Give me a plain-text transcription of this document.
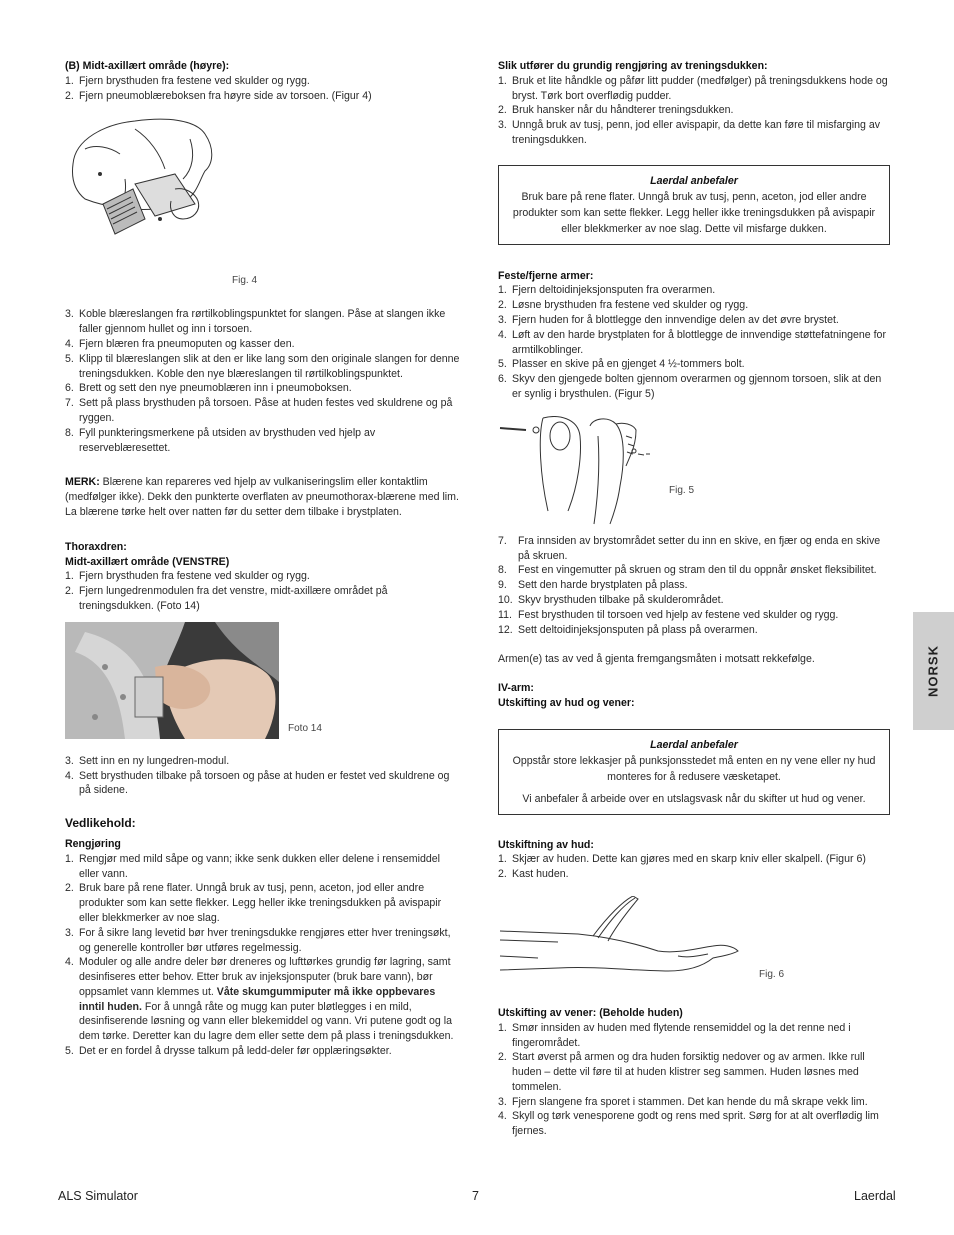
(B) Midt-axillært område (høyre):
1. Fjern brysthuden fra festene ved skulder og rygg.
2. Fjern pneumoblæreboksen fra høyre side av torsoen. (Figur 4)
Fig. 4
3. Koble blæreslangen fra rørtilkoblingspunktet for slangen. Påse at slangen ikke faller gjennom hullet og inn i torsoen.
4. Fjern blæren fra pneumoputen og kasser den.
5. Klipp til blæreslangen slik at den er like lang som den originale slangen for denne treningsdukken. Koble den nye blæreslangen til rørtilkoblingspunktet.
6. Brett og sett den nye pneumoblæren inn i pneumoboksen.
7. Sett på plass brysthuden på torsoen. Påse at huden festes ved skuldrene og på ryggen.
8. Fyll punkteringsmerkene på utsiden av brysthuden ved hjelp av reserveblæresettet.

MERK: Blærene kan repareres ved hjelp av vulkaniseringslim eller kontaktlim (medfølger ikke). Dekk den punkterte overflaten av pneumothorax-blærene med lim. La blærene tørke helt over natten før du setter dem tilbake i brystplaten.

Thoraxdren:
Midt-axillært område (VENSTRE)
1. Fjern brysthuden fra festene ved skulder og rygg.
2. Fjern lungedrenmodulen fra det venstre, midt-axillære området på treningsdukken. (Foto 14)
Foto 14
3. Sett inn en ny lungedren-modul.
4. Sett brysthuden tilbake på torsoen og påse at huden er festet ved skuldrene og på sidene.
Vedlikehold:
Rengjøring
1. Rengjør med mild såpe og vann; ikke senk dukken eller delene i rensemiddel eller vann.
2. Bruk bare på rene flater. Unngå bruk av tusj, penn, aceton, jod eller andre produkter som kan sette flekker. Legg heller ikke treningsdukken på avispapir eller blekkmerker av noe slag.
3. For å sikre lang levetid bør hver treningsdukke rengjøres etter hver treningsøkt, og generelle kontroller bør utføres regelmessig.
4. Moduler og alle andre deler bør dreneres og lufttørkes grundig før lagring, samt desinfiseres etter behov. Etter bruk av injeksjonsputer (bruk bare vann), bør oppsamlet vann klemmes ut. Våte skumgummiputer må ikke oppbevares inntil huden. For å unngå råte og mugg kan puter bløtlegges i en mild, desinfiserende løsning og vann eller blekemiddel og vann. Vri putene godt og la dem tørke. Deretter kan du lagre dem eller sette dem på plass i treningsdukken.
5. Det er en fordel å drysse talkum på ledd-deler før opplæringsøkter.
Slik utfører du grundig rengjøring av treningsdukken:
1. Bruk et lite håndkle og påfør litt pudder (medfølger) på treningsdukkens hode og bryst. Tørk bort overflødig pudder.
2. Bruk hansker når du håndterer treningsdukken.
3. Unngå bruk av tusj, penn, jod eller avispapir, da dette kan føre til misfarging av treningsdukken.
Laerdal anbefaler

Bruk bare på rene flater. Unngå bruk av tusj, penn, aceton, jod eller andre produkter som kan sette flekker. Legg heller ikke treningsdukken på avispapir eller blekkmerker av noe slag. Dette vil misfarge dukken.

Feste/fjerne armer:
1. Fjern deltoidinjeksjonsputen fra overarmen.
2. Løsne brysthuden fra festene ved skulder og rygg.
3. Fjern huden for å blottlegge den innvendige delen av det øvre brystet.
4. Løft av den harde brystplaten for å blottlegge de innvendige støttefatningene for armtilkoblinger.
5. Plasser en skive på en gjenget 4 ½-tommers bolt.
6. Skyv den gjengede bolten gjennom overarmen og gjennom torsoen, slik at den er synlig i brysthulen. (Figur 5)
Fig. 5
7. Fra innsiden av brystområdet setter du inn en skive, en fjær og enda en skive på skruen.
8. Fest en vingemutter på skruen og stram den til du oppnår ønsket fleksibilitet.
9. Sett den harde brystplaten på plass.
10. Skyv brysthuden tilbake på skulderområdet.
11. Fest brysthuden til torsoen ved hjelp av festene ved skulder og rygg.
12. Sett deltoidinjeksjonsputen på plass på overarmen.

Armen(e) tas av ved å gjenta fremgangsmåten i motsatt rekkefølge.

IV-arm:
Utskifting av hud og vener:
Laerdal anbefaler

Oppstår store lekkasjer på punksjonsstedet må enten en ny vene eller ny hud monteres for å redusere væsketapet.

Vi anbefaler å arbeide over en utslagsvask når du skifter ut hud og vener.

Utskiftning av hud:
1. Skjær av huden. Dette kan gjøres med en skarp kniv eller skalpell. (Figur 6)
2. Kast huden.
Fig. 6
Utskifting av vener: (Beholde huden)
1. Smør innsiden av huden med flytende rensemiddel og la det renne ned i fingerområdet.
2. Start øverst på armen og dra huden forsiktig nedover og av armen. Ikke rull huden – dette vil føre til at huden klistrer seg sammen. Huden løsnes med tommelen.
3. Fjern slangene fra sporet i stammen. Det kan hende du må skrape vekk lim.
4. Skyll og tørk venesporene godt og rens med sprit. Sørg for at alt overflødig lim fjernes.
NORSK
ALS Simulator	7	Laerdal
